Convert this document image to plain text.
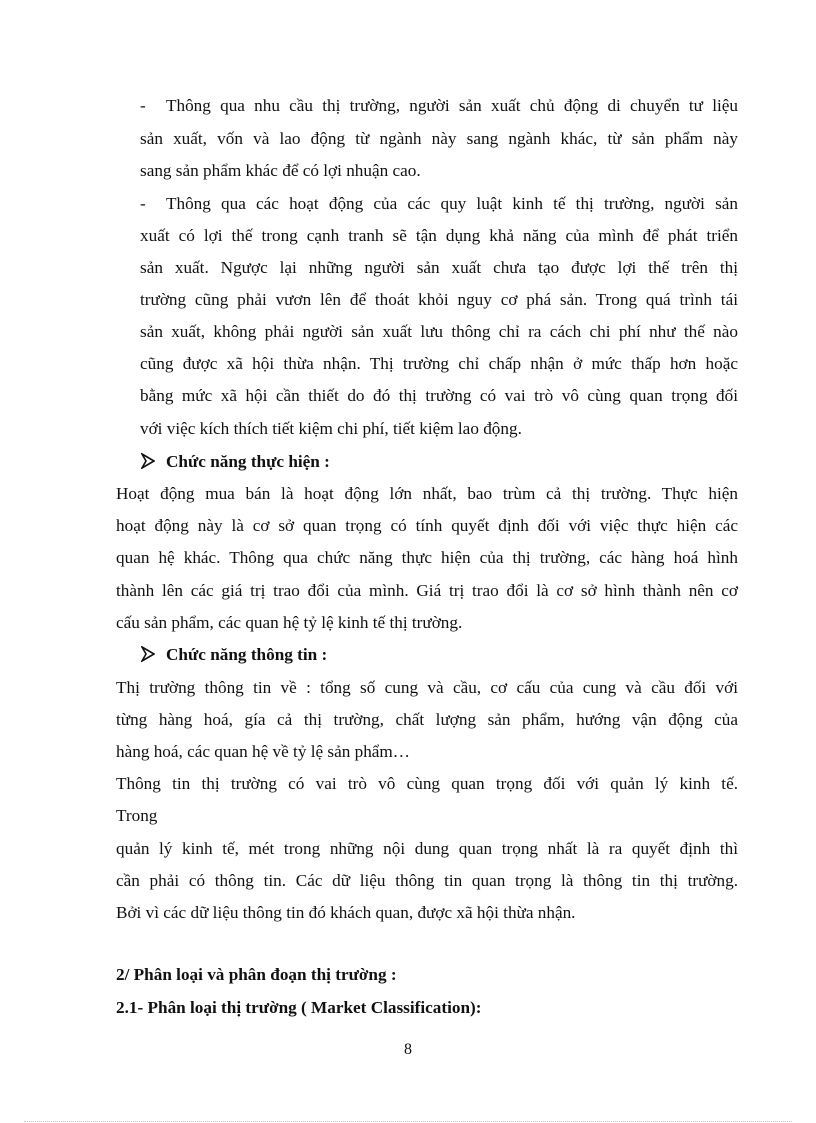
- Thông qua nhu cầu thị trường, người sản xuất chủ động di chuyển tư liệu
sản xuất, vốn và lao động từ ngành này sang ngành khác, từ sản phẩm này
sang sản phẩm khác để có lợi nhuận cao.
- Thông qua các hoạt động của các quy luật kinh tế thị trường, người sản
xuất có lợi thế trong cạnh tranh sẽ tận dụng khả năng của mình để phát triển
sản xuất. Ngược lại những người sản xuất chưa tạo được lợi thế trên thị
trường cũng phải vươn lên để thoát khỏi nguy cơ phá sản. Trong quá trình tái
sản xuất, không phải người sản xuất lưu thông chỉ ra cách chi phí như thế nào
cũng được xã hội thừa nhận. Thị trường chỉ chấp nhận ở mức thấp hơn hoặc
bằng mức xã hội cần thiết do đó thị trường có vai trò vô cùng quan trọng đối
với việc kích thích tiết kiệm chi phí, tiết kiệm lao động.
Chức năng thực hiện :
Hoạt động mua bán là hoạt động lớn nhất, bao trùm cả thị trường. Thực hiện
hoạt động này là cơ sở quan trọng có tính quyết định đối với việc thực hiện các
quan hệ khác. Thông qua chức năng thực hiện của thị trường, các hàng hoá hình
thành lên các giá trị trao đổi của mình. Giá trị trao đổi là cơ sở hình thành nên cơ
cấu sản phẩm, các quan hệ tỷ lệ kinh tế thị trường.
Chức năng thông tin :
Thị trường thông tin về : tổng số cung và cầu, cơ cấu của cung và cầu đối với
từng hàng hoá, gía cả thị trường, chất lượng sản phẩm, hướng vận động của
hàng hoá, các quan hệ về tỷ lệ sản phẩm…
Thông tin thị trường có vai trò vô cùng quan trọng đối với quản lý kinh tế.
Trong
quản lý kinh tế, mét trong những nội dung quan trọng nhất là ra quyết định thì
cần phải có thông tin. Các dữ liệu thông tin quan trọng là thông tin thị trường.
Bởi vì các dữ liệu thông tin đó khách quan, được xã hội thừa nhận.
2/ Phân loại và phân đoạn thị trường :
2.1- Phân loại thị trường ( Market Classification):
8
